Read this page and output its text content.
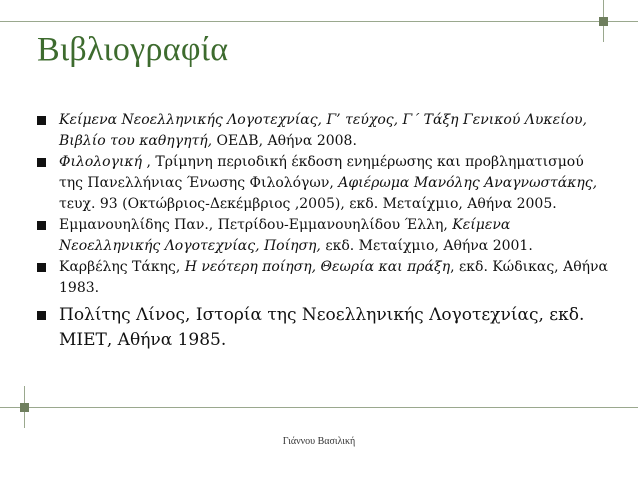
Βιβλιογραφία
Κείμενα Νεοελληνικής Λογοτεχνίας, Γ’ τεύχος, Γ΄ Τάξη Γενικού Λυκείου, Βιβλίο του καθηγητή, ΟΕΔΒ, Αθήνα 2008.
Φιλολογική , Τρίμηνη περιοδική έκδοση ενημέρωσης και προβληματισμού της Πανελλήνιας Ένωσης Φιλολόγων, Αφιέρωμα Μανόλης Αναγνωστάκης, τευχ. 93 (Οκτώβριος-Δεκέμβριος ,2005), εκδ. Μεταίχμιο, Αθήνα 2005.
Εμμανουηλίδης Παν., Πετρίδου-Εμμανουηλίδου Έλλη, Κείμενα Νεοελληνικής Λογοτεχνίας, Ποίηση, εκδ. Μεταίχμιο, Αθήνα 2001.
Καρβέλης Τάκης, Η νεότερη ποίηση, Θεωρία και πράξη, εκδ. Κώδικας, Αθήνα 1983.
Πολίτης Λίνος, Ιστορία της Νεοελληνικής Λογοτεχνίας, εκδ. ΜΙΕΤ, Αθήνα 1985.
Γιάννου Βασιλική
